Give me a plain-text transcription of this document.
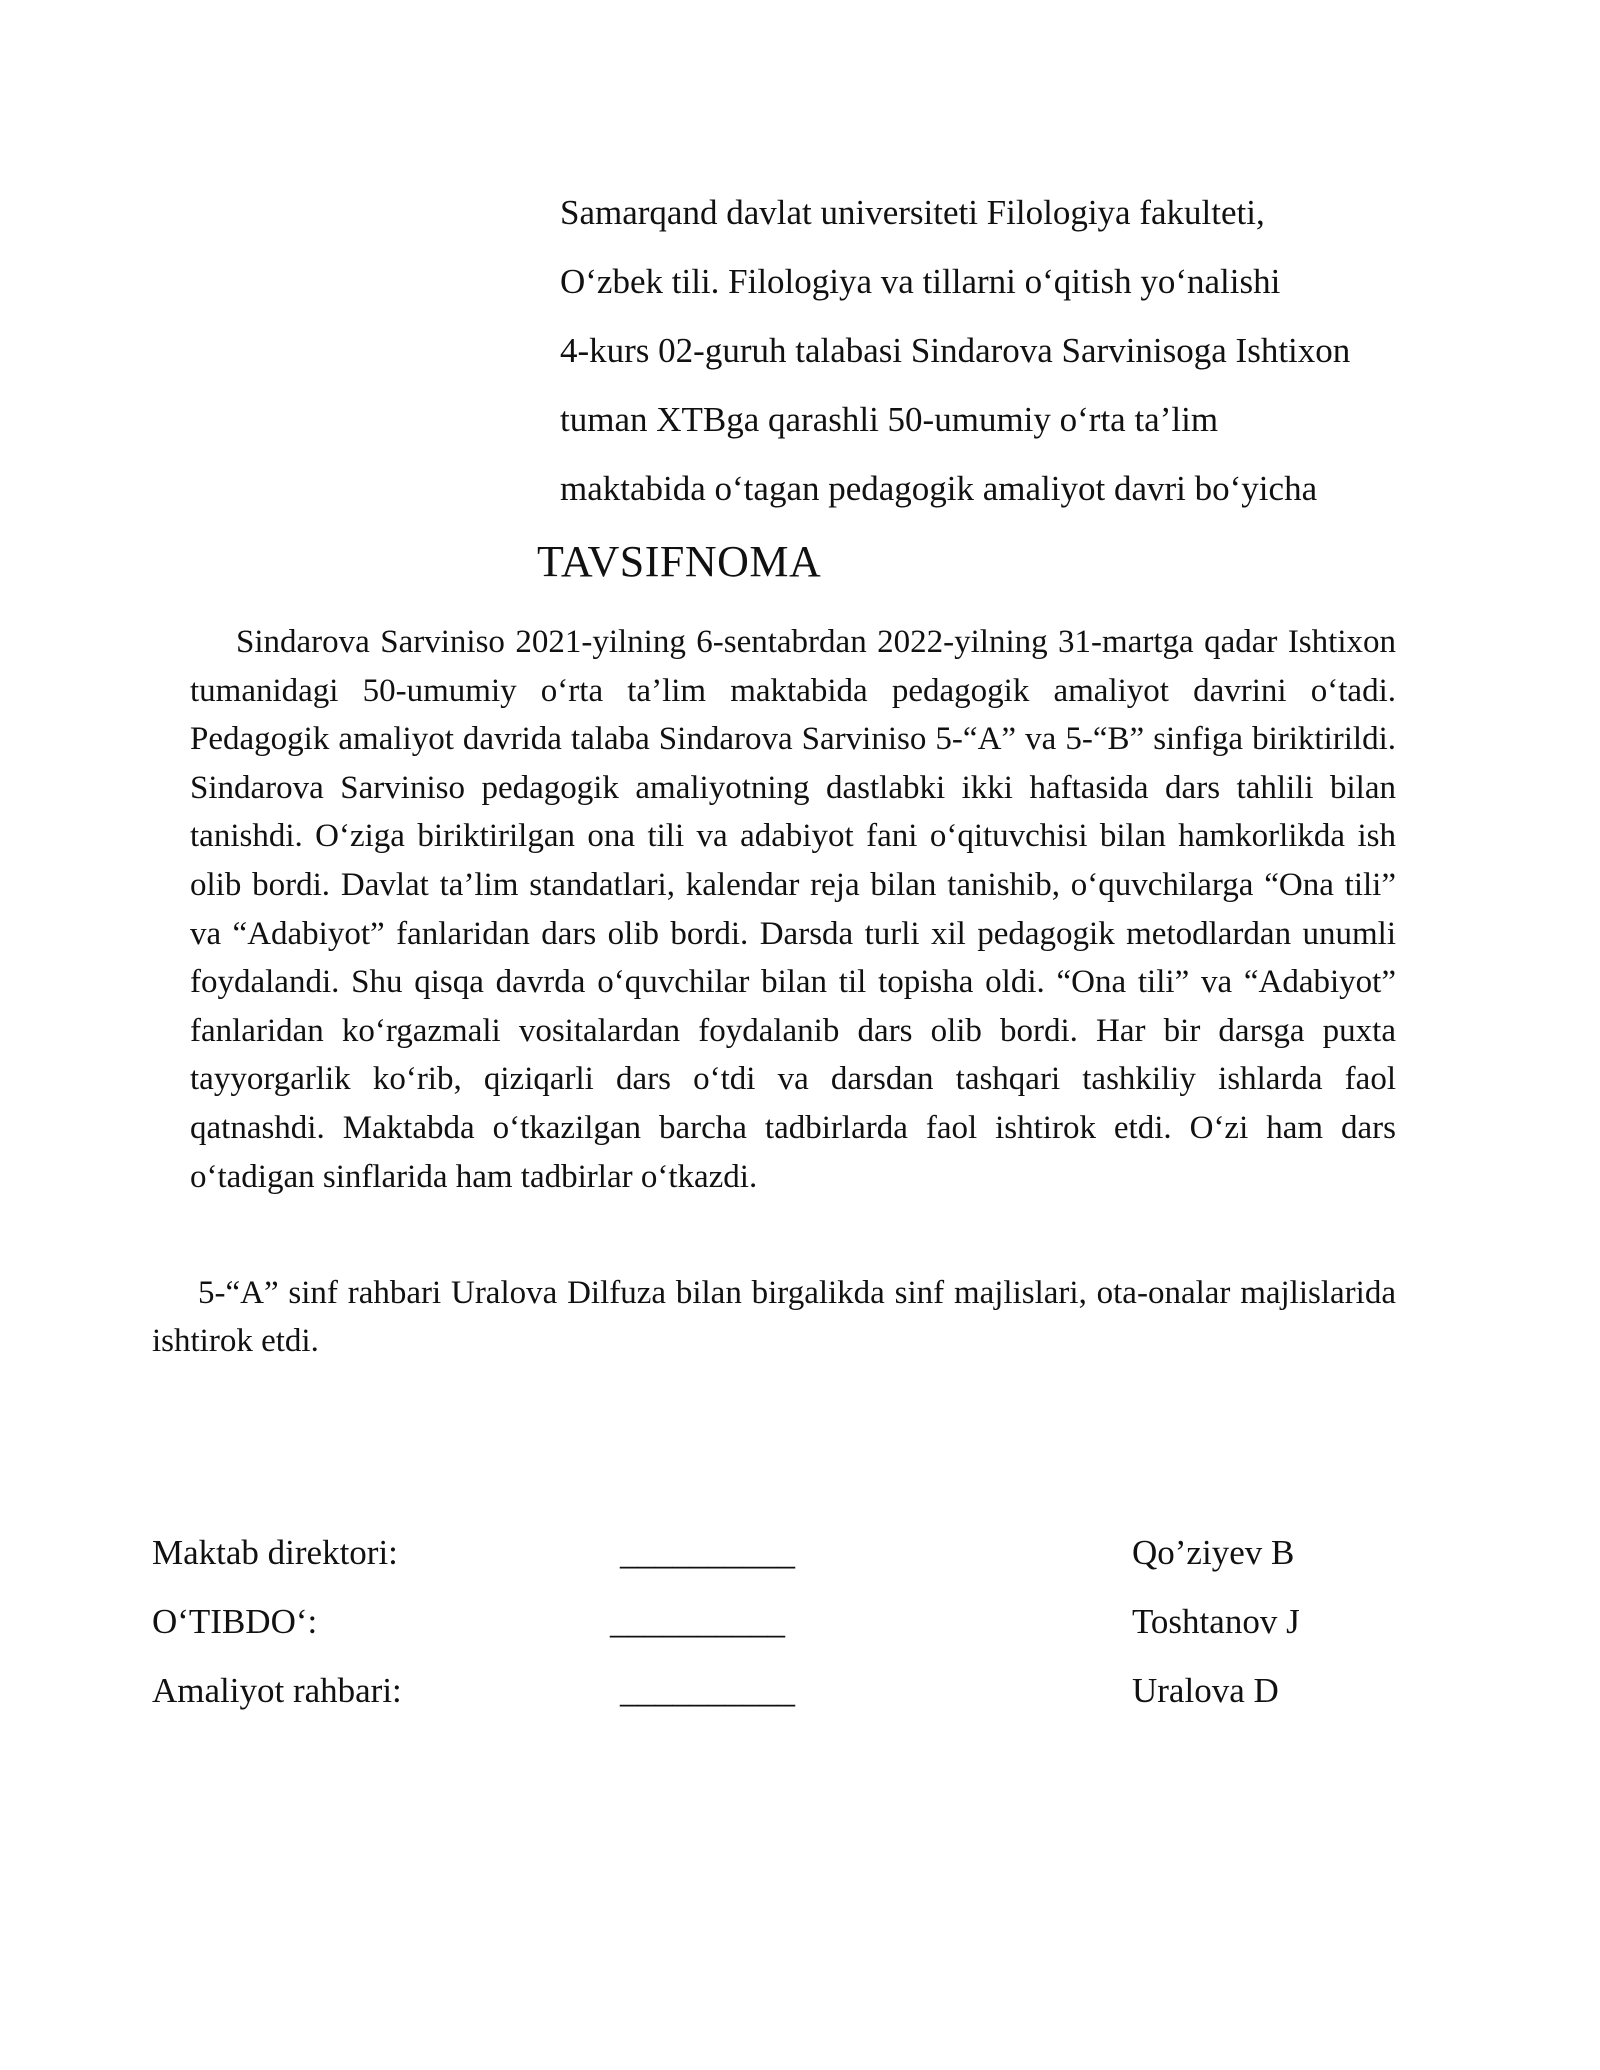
Samarqand davlat universiteti Filologiya fakulteti,
O‘zbek tili. Filologiya va tillarni o‘qitish yo‘nalishi
4-kurs 02-guruh talabasi Sindarova Sarvinisoga Ishtixon
tuman XTBga qarashli 50-umumiy o‘rta ta’lim
maktabida o‘tagan pedagogik amaliyot davri bo‘yicha
TAVSIFNOMA

Sindarova Sarviniso 2021-yilning 6-sentabrdan 2022-yilning 31-martga qadar Ishtixon tumanidagi 50-umumiy o‘rta ta’lim maktabida pedagogik amaliyot davrini o‘tadi. Pedagogik amaliyot davrida talaba Sindarova Sarviniso 5-“A” va 5-“B” sinfiga biriktirildi. Sindarova Sarviniso pedagogik amaliyotning dastlabki ikki haftasida dars tahlili bilan tanishdi. O‘ziga biriktirilgan ona tili va adabiyot fani o‘qituvchisi bilan hamkorlikda ish olib bordi. Davlat ta’lim standatlari, kalendar reja bilan tanishib, o‘quvchilarga “Ona tili” va “Adabiyot” fanlaridan dars olib bordi. Darsda turli xil pedagogik metodlardan unumli foydalandi. Shu qisqa davrda o‘quvchilar bilan til topisha oldi. “Ona tili” va “Adabiyot” fanlaridan ko‘rgazmali vositalardan foydalanib dars olib bordi. Har bir darsga puxta tayyorgarlik ko‘rib, qiziqarli dars o‘tdi va darsdan tashqari tashkiliy ishlarda faol qatnashdi. Maktabda o‘tkazilgan barcha tadbirlarda faol ishtirok etdi. O‘zi ham dars o‘tadigan sinflarida ham tadbirlar o‘tkazdi.

5-“A” sinf rahbari Uralova Dilfuza bilan birgalikda sinf majlislari, ota-onalar majlislarida ishtirok etdi.

Maktab direktori:	__________	Qo’ziyev B
O‘TIBDO‘:	__________	Toshtanov J
Amaliyot rahbari:	__________	Uralova D
